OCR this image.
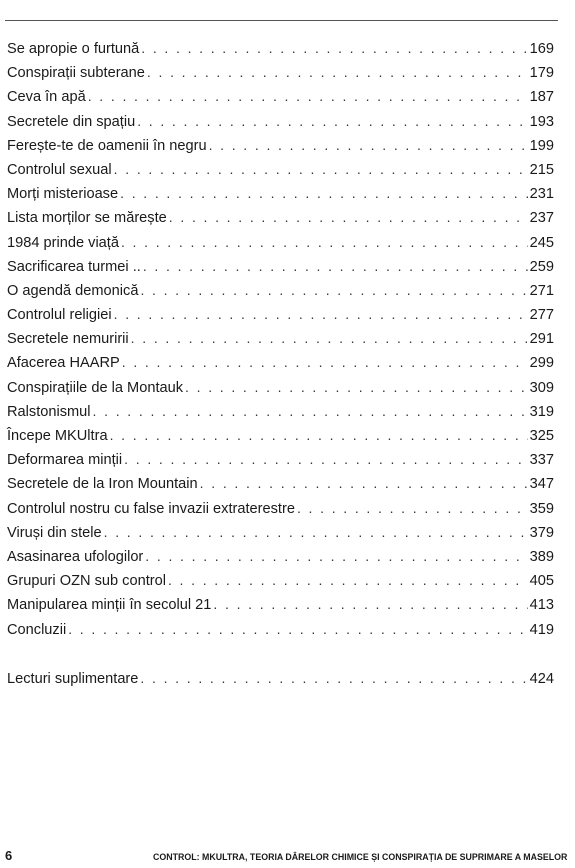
Se apropie o furtună . . .	169
Conspirații subterane . . .	179
Ceva în apă . . .	187
Secretele din spațiu . . .	193
Ferește-te de oamenii în negru . . .	199
Controlul sexual . . .	215
Morți misterioase . . .	231
Lista morților se mărește . . .	237
1984 prinde viață . . .	245
Sacrificarea turmei .. . . .	259
O agendă demonică . . .	271
Controlul religiei . . .	277
Secretele nemuririi . . .	291
Afacerea HAARP . . .	299
Conspirațiile de la Montauk . . .	309
Ralstonismul . . .	319
Începe MKUltra . . .	325
Deformarea minții . . .	337
Secretele de la Iron Mountain . . .	347
Controlul nostru cu false invazii extraterestre . . .	359
Viruși din stele . . .	379
Asasinarea ufologilor . . .	389
Grupuri OZN sub control . . .	405
Manipularea minții în secolul 21 . . .	413
Concluzii . . .	419
Lecturi suplimentare . . .	424
6	CONTROL: MKULTRA, TEORIA DÂRELOR CHIMICE ȘI CONSPIRAȚIA DE SUPRIMARE A MASELOR
